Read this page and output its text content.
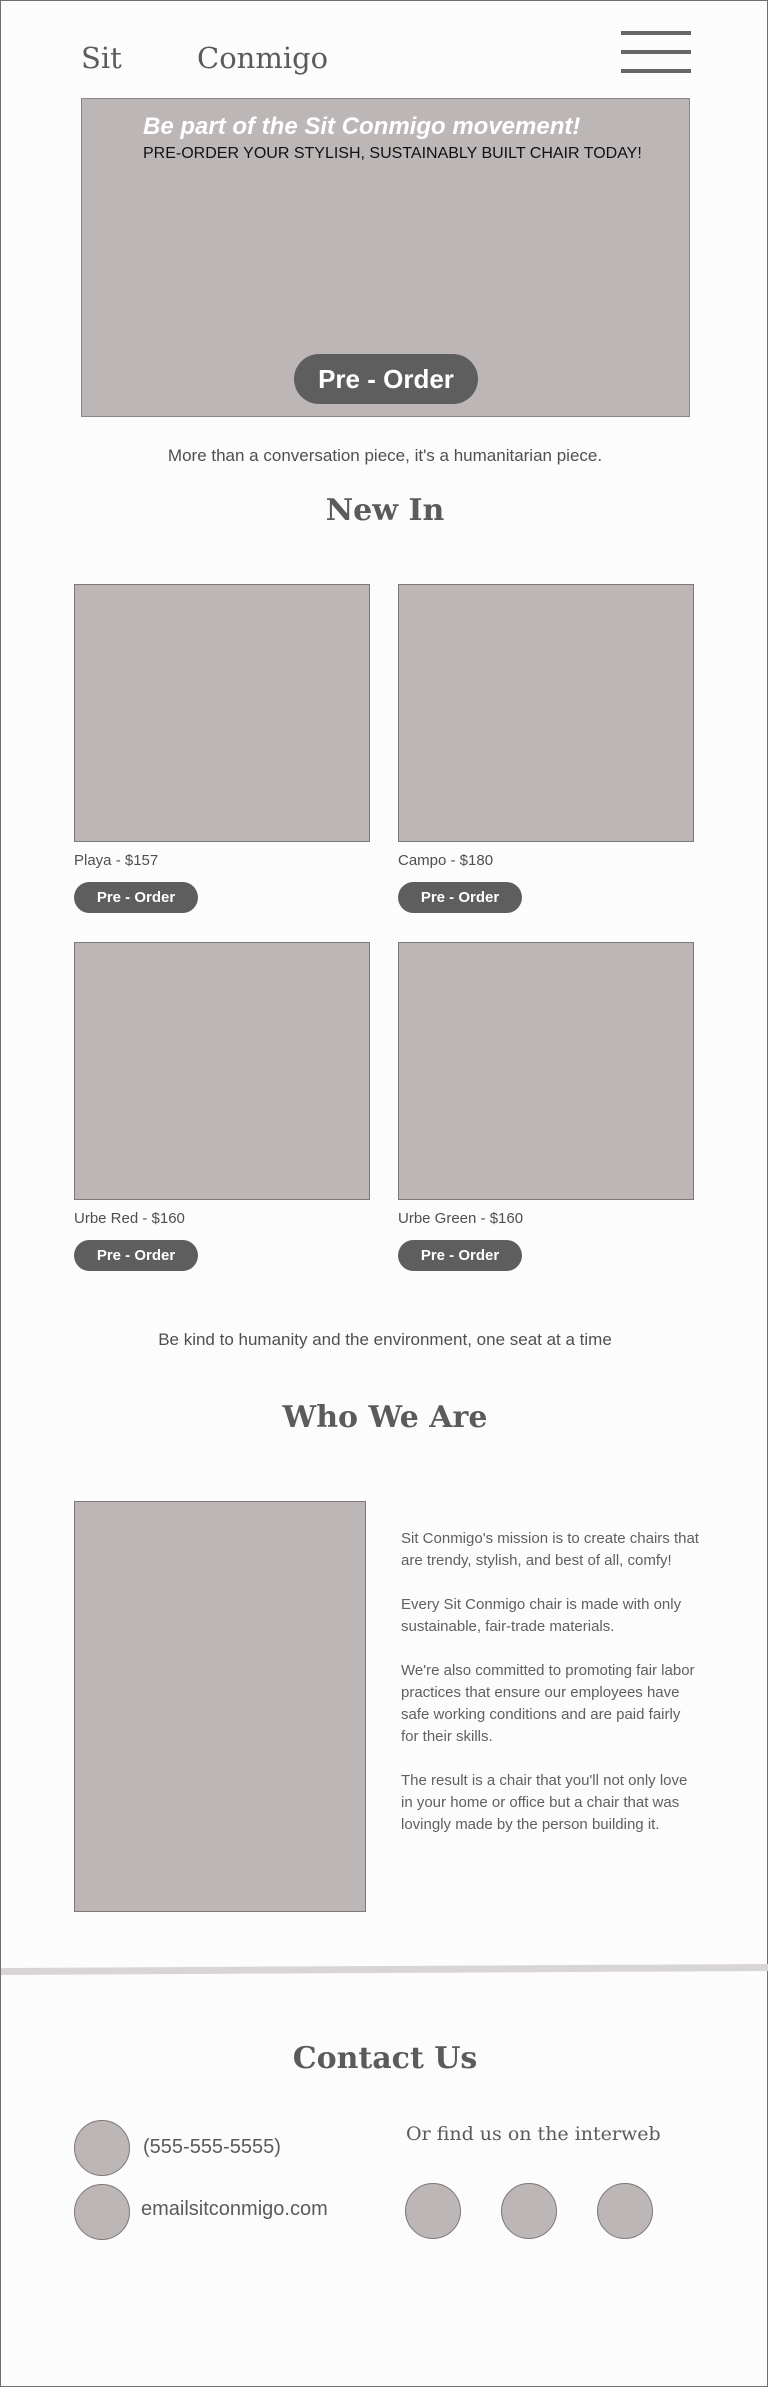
Sit	Conmigo
Be part of the Sit Conmigo movement!
PRE-ORDER YOUR STYLISH, SUSTAINABLY BUILT CHAIR TODAY!
Pre - Order
More than a conversation piece, it's a humanitarian piece.
New In
Playa - $157
Pre - Order
Campo - $180
Pre - Order
Urbe Red - $160
Pre - Order
Urbe Green - $160
Pre - Order
Be kind to humanity and the environment, one seat at a time
Who We Are

Sit Conmigo's mission is to create chairs that are trendy, stylish, and best of all, comfy!

Every Sit Conmigo chair is made with only sustainable, fair-trade materials.

We're also committed to promoting fair labor practices that ensure our employees have safe working conditions and are paid fairly for their skills.

The result is a chair that you'll not only love in your home or office but a chair that was lovingly made by the person building it.

Contact Us
(555-555-5555)
emailsitconmigo.com
Or find us on the interweb
